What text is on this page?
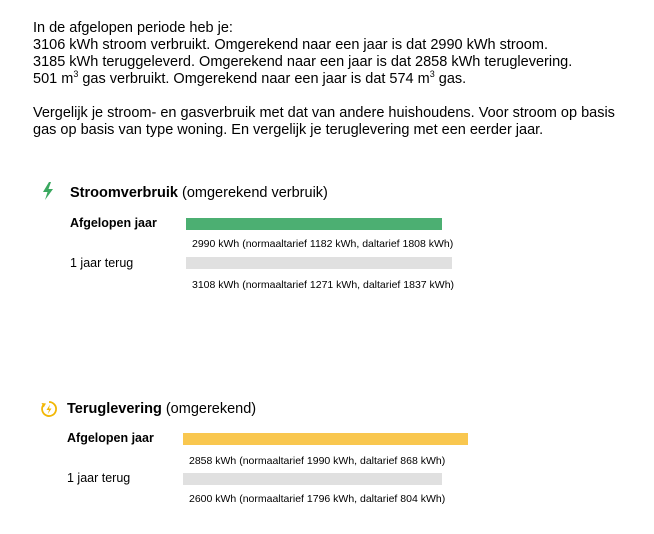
In de afgelopen periode heb je:
3106 kWh stroom verbruikt. Omgerekend naar een jaar is dat 2990 kWh stroom.
3185 kWh teruggeleverd. Omgerekend naar een jaar is dat 2858 kWh teruglevering.
501 $m^3$ gas verbruikt. Omgerekend naar een jaar is dat 574 $m^3$ gas.
Vergelijk je stroom- en gasverbruik met dat van andere huishoudens. Voor stroom op basis
gas op basis van type woning. En vergelijk je teruglevering met een eerder jaar.
Stroomverbruik (omgerekend verbruik)
Afgelopen jaar
2990 kWh (normaaltarief 1182 kWh, daltarief 1808 kWh)
1 jaar terug
3108 kWh (normaaltarief 1271 kWh, daltarief 1837 kWh)
Teruglevering (omgerekend)
Afgelopen jaar
2858 kWh (normaaltarief 1990 kWh, daltarief 868 kWh)
1 jaar terug
2600 kWh (normaaltarief 1796 kWh, daltarief 804 kWh)
